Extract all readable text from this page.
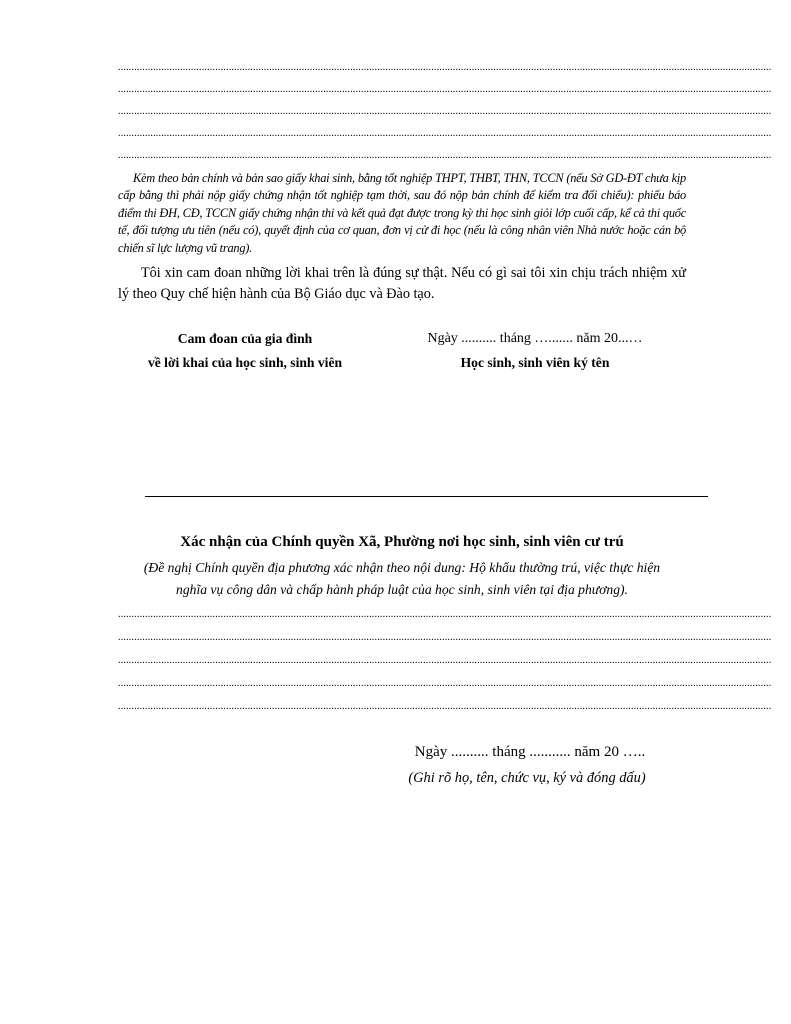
..................................................................................................................................................................................................................................................
..................................................................................................................................................................................................................................................
..................................................................................................................................................................................................................................................
..................................................................................................................................................................................................................................................
..................................................................................................................................................................................................................................................
Kèm theo bản chính và bản sao giấy khai sinh, bằng tốt nghiệp THPT, THBT, THN, TCCN (nếu Sở GD-ĐT chưa kịp cấp bằng thì phải nộp giấy chứng nhận tốt nghiệp tạm thời, sau đó nộp bản chính để kiểm tra đối chiếu): phiếu báo điểm thi ĐH, CĐ, TCCN giấy chứng nhận thi và kết quả đạt được trong kỳ thi học sinh giỏi lớp cuối cấp, kể cả thi quốc tế, đối tượng ưu tiên (nếu có), quyết định của cơ quan, đơn vị cử đi học (nếu là công nhân viên Nhà nước hoặc cán bộ chiến sĩ lực lượng vũ trang).
Tôi xin cam đoan những lời khai trên là đúng sự thật. Nếu có gì sai tôi xin chịu trách nhiệm xử lý theo Quy chế hiện hành của Bộ Giáo dục và Đào tạo.
Cam đoan của gia đình
về lời khai của học sinh, sinh viên
Ngày .......... tháng …....... năm 20...…
Học sinh, sinh viên ký tên
Xác nhận của Chính quyền Xã, Phường nơi học sinh, sinh viên cư trú
(Đề nghị Chính quyền địa phương xác nhận theo nội dung: Hộ khẩu thường trú, việc thực hiện
nghĩa vụ công dân và chấp hành pháp luật của học sinh, sinh viên tại địa phương).
..................................................................................................................................................................................................................................................
..................................................................................................................................................................................................................................................
..................................................................................................................................................................................................................................................
..................................................................................................................................................................................................................................................
..................................................................................................................................................................................................................................................
Ngày .......... tháng ........... năm 20 …..
(Ghi rõ họ, tên, chức vụ, ký và đóng dấu)
